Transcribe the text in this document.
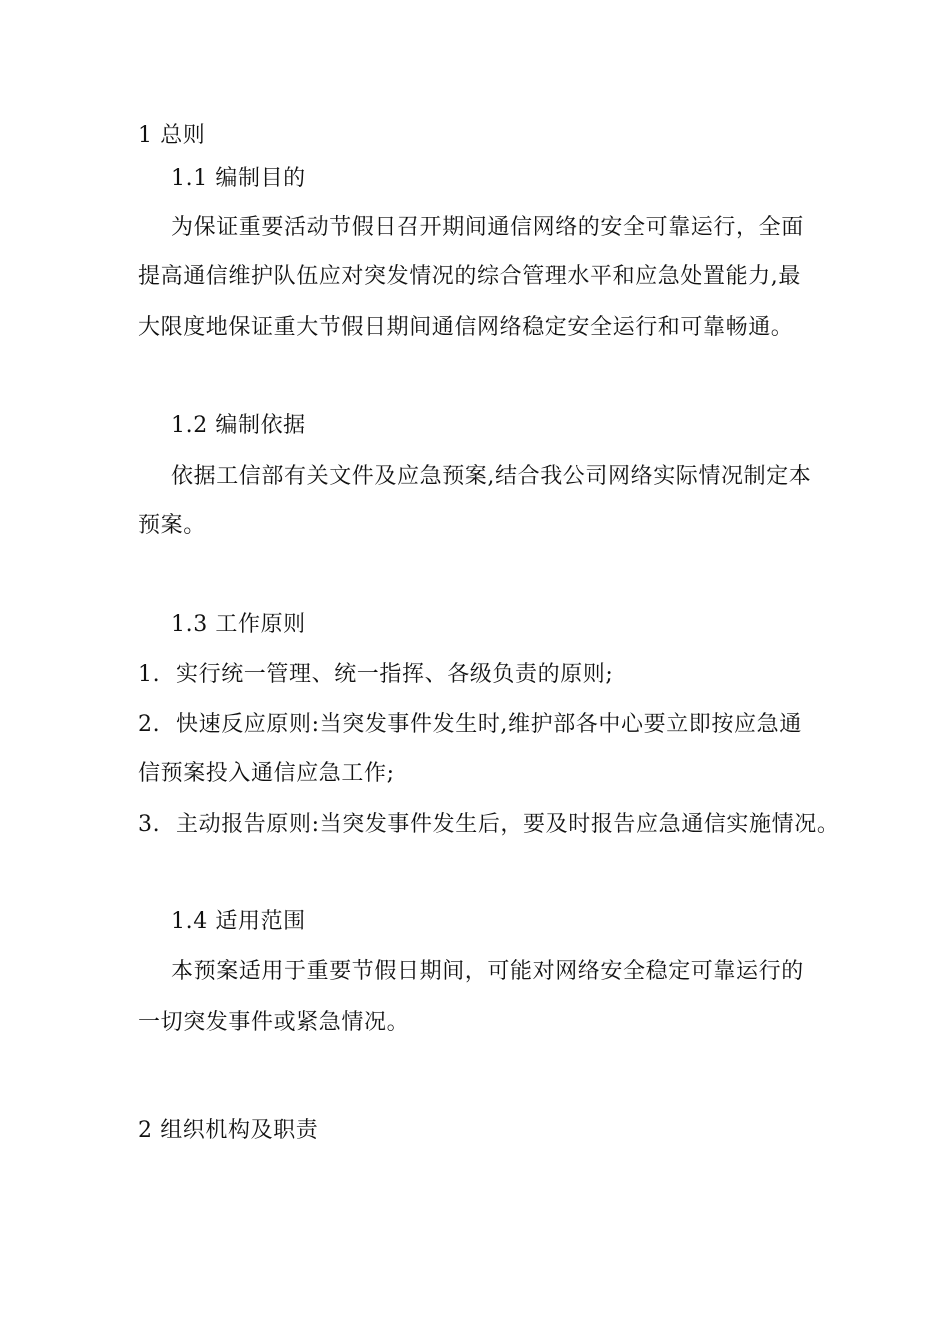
1 总则
1.1 编制目的
为保证重要活动节假日召开期间通信网络的安全可靠运行，全面
提高通信维护队伍应对突发情况的综合管理水平和应急处置能力,最
大限度地保证重大节假日期间通信网络稳定安全运行和可靠畅通。
1.2 编制依据
依据工信部有关文件及应急预案,结合我公司网络实际情况制定本
预案。
1.3 工作原则
1. 实行统一管理、统一指挥、各级负责的原则;
2. 快速反应原则:当突发事件发生时,维护部各中心要立即按应急通
信预案投入通信应急工作;
3. 主动报告原则:当突发事件发生后，要及时报告应急通信实施情况。
1.4 适用范围
本预案适用于重要节假日期间，可能对网络安全稳定可靠运行的
一切突发事件或紧急情况。
2 组织机构及职责
